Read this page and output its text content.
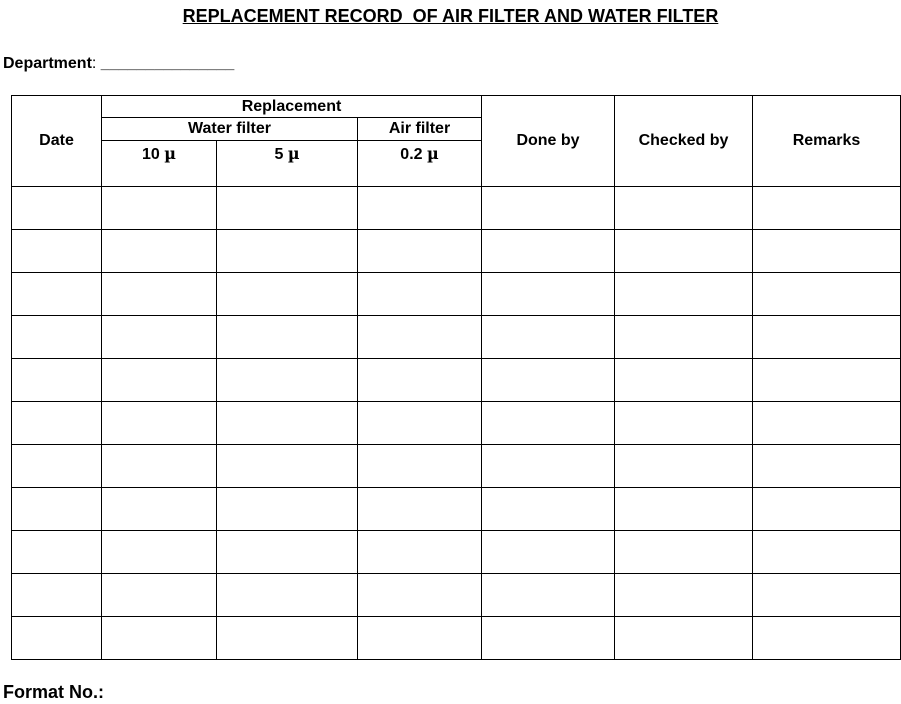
REPLACEMENT RECORD  OF AIR FILTER AND WATER FILTER
Department: _______________
Date	Replacement			Done by	Checked by	Remarks
	Water filter		Air filter			
	10 µ	5 µ	0.2 µ			

Format No.:
